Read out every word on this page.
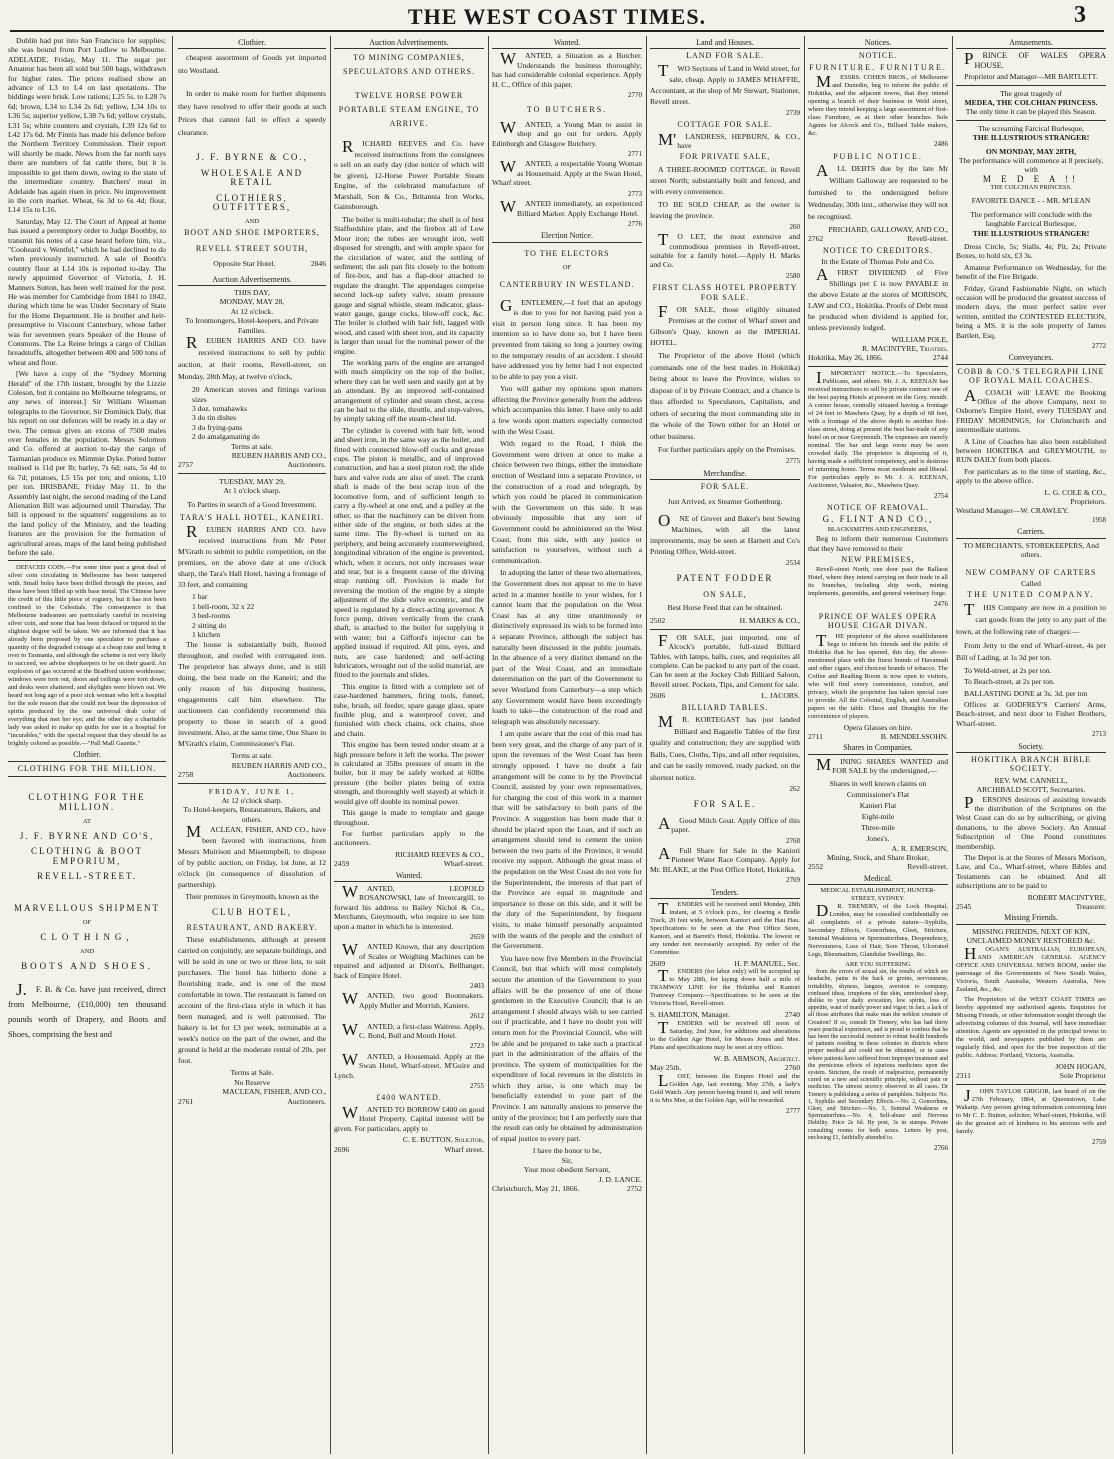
THE WEST COAST TIMES.	3

Dublin had put into San Francisco for supplies; she was bound from Port Ludlow to Melbourne. ADELAIDE, Friday, May 11. The sugar per Amateur has been all sold but 500 bags, withdrawn for higher rates. The prices realised show an advance of L3 to L4 on last quotations. The biddings were brisk. Low rations; L25 5s. to L28 7s 6d; brown, L34 to L34 2s 6d; yellow, L34 10s to L36 5s; superior yellow, L38 7s 6d; yellow crystals, L31 5s; white counters and crystals, L39 12s 6d to L42 17s 6d. Mr Finnis has made his defence before the Northern Territory Commission. Their report will shortly be made. News from the far north says there are numbers of fat cattle there, but it is impossible to get them down, owing to the state of the intermediate country. Butchers' meat in Adelaide has again risen in price. No improvement in the corn market. Wheat, 6s 3d to 6s 4d; flour, L14 15s to L16.

Saturday, May 12. The Court of Appeal at home has issued a peremptory order to Judge Boothby, to transmit his notes of a case heard before him, viz., "Cooheard v. Wentfel," which he had declined to do when previously instructed. A sale of Booth's country flour at L14 10s is reported to-day. The newly appointed Governor of Victoria, J. H. Manners Sutton, has been well trained for the post. He was member for Cambridge from 1841 to 1842, during which time he was Under Secretary of State for the Home Department. He is brother and heir-presumptive to Viscount Canterbury, whose father was for seventeen years Speaker of the House of Commons. The La Reine brings a cargo of Chilian breadstuffs, altogether between 400 and 500 tons of wheat and flour.

[We have a copy of the "Sydney Morning Herald" of the 17th instant, brought by the Lizzie Coleson, but it contains no Melbourne telegrams, or any news of interest.] Sir William Wiseman telegraphs to the Governor, Sir Dominick Daly, that his report on our defences will be ready in a day or two. The census gives an excess of 7500 males over females in the population. Messrs Solomon and Co. offered at auction to-day the cargo of Tasmanian produce ex Mimmie Dyke. Potted butter realised is 11d per lb; barley, 7s 6d; oats, 5s 4d to 6s 7d; potatoes, L5 15s per ton; and onions, L10 per ton. BRISBANE, Friday May 11. In the Assembly last night, the second reading of the Land Alienation Bill was adjourned until Thursday. The bill is opposed to the squatters' suggestions as to the land policy of the Ministry, and the leading features are the provision for the formation of agricultural areas, maps of the land being published before the sale.

DEFACED COIN.—For some time past a great deal of silver coin circulating in Melbourne has been tampered with. Small holes have been drilled through the pieces, and these have been filled up with base metal. The Chinese have the credit of this little piece of roguery, but it has not been confined to the Celestials. The consequence is that Melbourne tradesmen are particularly careful in receiving silver coin, and none that has been defaced or injured in the slightest degree will be taken. We are informed that it has already been proposed by one speculator to purchase a quantity of the degraded coinage at a cheap rate and bring it over to Tasmania, and although the scheme is not very likely to succeed, we advise shopkeepers to be on their guard. An explosion of gas occurred at the Bradford union workhouse; windows were torn out, doors and ceilings were torn down, and desks were shattered, and skylights were blown out. We heard not long ago of a poor sick woman who left a hospital for the sole reason that she could not bear the depression of spirits produced by the one universal drab color of everything that met her eye; and the other day a charitable lady was asked to make up quilts for use in a hospital for "incurables," with the special request that they should be as brightly colored as possible.—"Pall Mall Gazette."

Clothier.
CLOTHING FOR THE MILLION.
CLOTHING FOR THE MILLION.
AT
J. F. BYRNE AND CO'S,
CLOTHING & BOOT EMPORIUM,
REVELL-STREET.
MARVELLOUS SHIPMENT
OF
CLOTHING,
AND
BOOTS AND SHOES.

J.F. B. & Co. have just received, direct from Melbourne, (£10,000) ten thousand pounds worth of Drapery, and Boots and Shoes, comprising the best and

Clothier.

cheapest assortment of Goods yet imported nto Westland.

In order to make room for further shipments they have resolved to offer their goods at such Prices that cannot fail to effect a speedy clearance.

J. F. BYRNE & CO.,
WHOLESALE AND RETAIL
CLOTHIERS, OUTFITTERS,
AND
BOOT AND SHOE IMPORTERS,
REVELL STREET SOUTH,
Opposite Star Hotel.	2846
Auction Advertisements.
THIS DAY,
MONDAY, MAY 28,
At 12 o'clock.
To Ironmongers, Hotel-keepers, and Private Families.

REUBEN HARRIS AND CO. have received instructions to sell by public auction, at their rooms, Revell-street, on Monday, 28th May, at twelve o'clock,

20 American stoves and fittings various sizes
3 doz. tomahawks
3 do tin dishes
3 do frying-pans
2 do amalgamating do
Terms at sale.
REUBEN HARRIS AND CO.,
2757	Auctioneers.
TUESDAY, MAY 29,
At 1 o'clock sharp.
To Parties in search of a Good Investment.
TARA'S HALL HOTEL, KANEIRI.

REUBEN HARRIS AND CO. have received instructions from Mr Peter M'Grath to submit to public competition, on the premises, on the above date at one o'clock sharp, the Tara's Hall Hotel, having a frontage of 33 feet, and containing

1 bar
1 bell-room, 32 x 22
3 bed-rooms
2 sitting do
1 kitchen

The house is substantially built, floored throughout, and roofed with corrugated iron. The proprietor has always done, and is still doing, the best trade on the Kaneiri; and the only reason of his disposing business, engagements call him elsewhere. The auctioneers can confidently recommend this property to those in search of a good investment. Also, at the same time, One Share in M'Grath's claim, Commissioner's Flat.

Terms at sale.
REUBEN HARRIS AND CO.,
2758	Auctioneers.
FRIDAY, JUNE 1,
At 12 o'clock sharp.
To Hotel-keepers, Restaurateurs, Bakers, and others.

MACLEAN, FISHER, AND CO., have been favored with instructions, from Messrs Muirison and Misenmpbell, to dispose of by public auction, on Friday, 1st June, at 12 o'clock (in consequence of dissolution of partnership).

Their premises in Greymouth, known as the
CLUB HOTEL,
RESTAURANT, AND BAKERY.

These establishments, although at present carried on conjointly, are separate buildings, and will be sold in one or two or three lots, to suit purchasers. The hotel has hitherto done a flourishing trade, and is one of the most comfortable in town. The restaurant is famed on account of the first-class style in which it has been managed, and is well patronised. The bakery is let for £3 per week, terminable at a week's notice on the part of the owner, and the ground is held at the moderate rental of 20s. per foot.

Terms at Sale.
No Reserve
MACLEAN, FISHER, AND CO.,
2761	Auctioneers.
Auction Advertisements.
TO MINING COMPANIES, SPECULATORS AND OTHERS.
TWELVE HORSE POWER PORTABLE STEAM ENGINE, TO ARRIVE.

RICHARD REEVES and Co. have received instructions from the consignees o sell on an early day (due notice of which will be given), 12-Horse Power Portable Steam Engine, of the celebrated manufacture of Marshall, Son & Co., Britannia Iron Works, Gainsborough.

The boiler is multi-tubular; the shell is of best Staffordshire plate, and the firebox all of Low Moor iron; the tubes are wrought iron, well disposed for strength, and with ample space for the circulation of water, and the settling of sediment; the ash pan fits closely to the bottom of fire-box, and has a flap-door attached to regulate the draught. The appendages comprise second lock-up safety valve, steam pressure gauge and signal whistle, steam indicator, glass-water gauge, gauge cocks, blow-off cock, &c. The boiler is clothed with hair felt, lagged with wood, and cased with sheet iron, and its capacity is larger than usual for the nominal power of the engine.

The working parts of the engine are arranged with much simplicity on the top of the boiler, where they can be well seen and easily got at by an attendant. By an improved self-contained arrangement of cylinder and steam chest, access can be had to the slide, throttle, and stop-valves, by simply taking off the steam-chest lid.

The cylinder is covered with hair felt, wood and sheet iron, in the same way as the boiler, and fitted with connected blow-off cocks and grease cups. The piston is metallic, and of improved construction, and has a steel piston rod; the slide bars and valve rods are also of steel. The crank shaft is made of the best scrap iron of the locomotive form, and of sufficient length to carry a fly-wheel at one end, and a pulley at the other, so that the machinery can be driven from either side of the engine, or both sides at the same time. The fly-wheel is turned on its periphery, and being accurately counterweighted, longitudinal vibration of the engine is prevented, which, when it occurs, not only increases wear and tear, but is a frequent cause of the driving strap running off. Provision is made for reversing the motion of the engine by a simple adjustment of the slide valve eccentric, and the speed is regulated by a direct-acting governor. A force pump, driven vertically from the crank shaft, is attached to the boiler for supplying it with water; but a Gifford's injector can be applied instead if required. All pins, eyes, and nuts, are case hardened; and self-acting lubricators, wrought out of the solid material, are fitted to the journals and slides.

This engine is fitted with a complete set of case-hardened hammers, firing tools, funnel, tube, brush, oil feeder, spare gauge glass, spare fusible plug, and a waterproof cover, and furnished with check chains, ock chains, shoe and chain.

This engine has been tested under steam at a high pressure before it left the works. The power is calculated at 35lbs pressure of steam in the boiler, but it may be safely worked at 60lbs pressure (the boiler plates being of extra strength, and thoroughly well stayed) at which it would give off double its nominal power.

This gauge is made to template and gauge throughout.

For further particulars apply to the auctioneers.

RICHARD REEVES & CO.,
2459	Wharf-street.
Wanted.

WANTED, LEOPOLD ROSANOWSKI, late of Invercargill, to forward his address to Bailey Nichol & Co., Merchants, Greymouth, who require to see him upon a matter in which he is interested.

2659

WANTED Known, that any description of Scales or Weighing Machines can be repaired and adjusted at Dixon's, Bellhanger, back of Empire Hotel.

2403

WANTED, two good Bootmakers. Apply Muller and Morrish, Kaniere.

2612

WANTED, a first-class Waitress. Apply, C. Bond, Bull and Mouth Hotel.

2723

WANTED, a Housemaid. Apply at the Swan Hotel, Wharf-street. M'Guire and Lynch.

2755
£400 WANTED.

WANTED TO BORROW £400 on good Hotel Property. Capital interest will be given. For particulars, apply to

C. E. BUTTON, Solicitor,
2696	Wharf street.
Wanted.

WANTED, a Situation as a Butcher. Understands the business thoroughly; has had considerable colonial experience. Apply H. C., Office of this paper.

2770
TO BUTCHERS.

WANTED, a Young Man to assist in shop and go out for orders. Apply Edinburgh and Glasgow Butchery.

2771

WANTED, a respectable Young Woman as Housemaid. Apply at the Swan Hotel, Wharf street.

2773

WANTED immediately, an experienced Billiard Marker. Apply Exchange Hotel.

2776
Election Notice.
TO THE ELECTORS
OF
CANTERBURY IN WESTLAND.

GENTLEMEN,—I feel that an apology is due to you for not having paid you a visit in person long since. It has been my intention so to have done so, but I have been prevented from taking so long a journey owing to the temporary results of an accident. I should have addressed you by letter had I not expected to be able to pay you a visit.

You will gather my opinions upon matters affecting the Province generally from the address which accompanies this letter. I have only to add a few words upon matters especially connected with the West Coast.

With regard to the Road, I think the Government were driven at once to make a choice between two things, either the immediate erection of Westland into a separate Province, or the construction of a road and telegraph, by which you could be placed in communication with the Government on this side. It was obviously impossible that any sort of Government could be administered on the West Coast, from this side, with any justice or satisfaction to yourselves, without such a communication.

In adopting the latter of these two alternatives, the Government does not appear to me to have acted in a manner hostile to your wishes, for I cannot learn that the population on the West Coast has at any time unanimously or distinctively expressed its wish to be formed into a separate Province, although the subject has naturally been discussed in the public journals. In the absence of a very distinct demand on the part of the West Coast, and an immediate determination on the part of the Government to sever Westland from Canterbury—a step which any Government would have been exceedingly loath to take—the construction of the road and telegraph was absolutely necessary.

I am quite aware that the cost of this road has been very great, and the charge of any part of it upon the revenues of the West Coast has been strongly opposed. I have no doubt a fair arrangement will be come to by the Provincial Council, assisted by your own representatives, for charging the cost of this work in a manner that will be satisfactory to both parts of the Province. A suggestion has been made that it should be placed upon the Loan, and if such an arrangement should tend to cement the union between the two parts of the Province, it would receive my support. Although the great mass of the population on the West Coast do not vote for the Superintendent, the interests of that part of the Province are equal in magnitude and importance to those on this side, and it will be the duty of the Superintendent, by frequent visits, to make himself personally acquainted with the wants of the people and the conduct of the Government.

You have now five Members in the Provincial Council, but that which will most completely secure the attention of the Government to your affairs will be the presence of one of those gentlemen in the Executive Council; that is an arrangement I should always wish to see carried out if practicable, and I have no doubt you will return men for the Provincial Council, who will be able and be prepared to take such a practical part in the administration of the affairs of the province. The system of municipalities for the expenditure of local revenues in the districts in which they arise, is one which may be beneficially extended to your part of the Province. I am naturally anxious to preserve the unity of the province; but I am perfectly sure that the result can only be obtained by administration of equal justice to every part.

I have the honor to be,
Sir,
Your most obedient Servant,
J. D. LANCE.
Christchurch, May 21, 1866.	2752
Land and Houses.
LAND FOR SALE.

TWO Sections of Land in Weld street, for sale, cheap. Apply to JAMES M'HAFFIE, Accountant, at the shop of Mr Stewart, Stationer, Revell street.

2739
COTTAGE FOR SALE.

M'LANDRESS, HEPBURN, & CO., have

FOR PRIVATE SALE,

A THREE-ROOMED COTTAGE, in Revell street North; substantially built and fenced, and with every convenience.

TO BE SOLD CHEAP, as the owner is leaving the province.

260

TO LET, the most extensive and commodious premises in Revell-street, suitable for a family hotel.—Apply H. Marks and Co.

2580
FIRST CLASS HOTEL PROPERTY FOR SALE.

FOR SALE, those eligibly situated Premises at the corner of Wharf street and Gibson's Quay, known as the IMPERIAL HOTEL.

The Proprietor of the above Hotel (which commands one of the best trades in Hokitika) being about to leave the Province, wishes to dispose of it by Private Contract, and a chance is thus afforded to Speculators, Capitalists, and others of securing the most commanding site in the whole of the Town either for an Hotel or other business.

For further particulars apply on the Premises.

2775
Merchandise.
FOR SALE.
Just Arrived, ex Steamer Gothenburg.

ONE of Grover and Baker's best Sewing Machines, with all the latest improvements, may be seen at Harnett and Co's Printing Office, Weld-street.

2534
PATENT FODDER
ON SALE,
Best Horse Feed that can be obtained.
2502	H. MARKS & CO.,

FOR SALE, just imported, one of Alcock's portable, full-sized Billiard Tables, with lamps, balls, cues, and requisites all complete. Can be packed to any part of the coast. Can be seen at the Jockey Club Billiard Saloon, Revell street. Pockets, Tips, and Cement for sale.

2606	L. JACOBS.
BILLIARD TABLES.

MR. KORTEGAST has just landed Billiard and Bagatelle Tables of the first quality and construction; they are supplied with Balls, Cues, Cloths, Tips, and all other requisites, and can be easily removed, ready packed, on the shortest notice.

262
FOR SALE.

AGood Milch Goat. Apply Office of this paper.

2768

AFull Share for Sale in the Kaniori Pioneer Water Race Company. Apply for Mr. BLAKE, at the Post Office Hotel, Hokitika.

2769
Tenders.

TENDERS will be received until Monday, 28th instant, at 5 o'clock p.m., for clearing a Bridle Track, 20 feet wide, between Kaniori and the Hau Hau. Specifications to be seen at the Post Office Store, Kaniori, and at Barrett's Hotel, Hokitika. The lowest or any tender not necessarily accepted. By order of the Committee.

2609	H. P. MANUEL, Sec.

TENDERS (for labor only) will be accepted up to May 28th, for laying down half a mile of TRAMWAY LINE for the Hokitika and Kaniori Tramway Company.—Specifications to be seen at the Victoria Hotel, Revell-street.

S. HAMILTON, Manager.	2740

TENDERS will be received till noon of Saturday, 2nd June, for additions and alterations to the Golden Age Hotel, for Messrs Jones and Mee. Plans and specifications may be seen at my offices.

W. B. ARMSON, Architect.
May 25th.	2760

LOST, between the Empire Hotel and the Golden Age, last evening, May 27th, a lady's Gold Watch. Any person having found it, and will return it to Mrs Mee, at the Golden Age, will be rewarded.

2777
Notices.
NOTICE.
FURNITURE. FURNITURE.

MESSRS. COHEN BROS., of Melbourne and Dunedin, beg to inform the public of Hokitika, and the adjacent towns, that they intend opening a branch of their business in Weld street, where they intend keeping a large assortment of first-class Furniture, as at their other branches. Sole Agents for Alcock and Co., Billiard Table makers, &c.

2486
PUBLIC NOTICE.

ALL DEBTS due by the late Mr William Galloway are requested to be furnished to the undersigned before Wednesday, 30th inst., otherwise they will not be recognised.

PRICHARD, GALLOWAY, AND CO.,
2762	Revell-street.
NOTICE TO CREDITORS.
In the Estate of Thomas Pole and Co.

AFIRST DIVIDEND of Five Shillings per £ is now PAYABLE in the above Estate at the stores of MORISON, LAW and CO., Hokitika. Proofs of Debt must be produced when dividend is applied for, unless previously lodged.

WILLIAM POLE,
R. MACINTYRE, Trustees.
Hokitika, May 26, 1866.	2744

IMPORTANT NOTICE.—To Speculators, Publicans, and others. Mr. J. A. KEENAN has received instructions to sell by private contract one of the best paying Hotels at present on the Grey. mouth. A corner house, centrally situated having a frontage of 24 feet to Mawhera Quay, by a depth of 68 feet, with a frontage of the above depth to another first-class street, doing at present the best bar-trade of any hotel on or near Greymouth. The expenses are merely nominal. The bar and large room may be seen crowded daily. The proprietor is disposing of it, having made a sufficient competency, and is desirous of returning home. Terms most moderate and liberal. For particulars apply to Mr. J. A. KEENAN, Auctioneer, Valuator, &c., Mawhera Quay.

2754
NOTICE OF REMOVAL.
G. FLINT AND CO.,
BLACKSMITHS AND ENGINEERS,

Beg to inform their numerous Customers that they have removed to their

NEW PREMISES,

Revell-street North, one door past the Ballarat Hotel, where they intend carrying on their trade in all its branches, including ship work, mining implements, gunsmiths, and general veterinary forge.

2476
PRINCE OF WALES OPERA HOUSE CIGAR DIVAN.

THE proprietor of the above establishment begs to inform his friends and the public of Hokitika that he has opened, this day, the above-mentioned place with the finest brands of Havannah and other cigars, and choicest brands of tobacco. The Coffee and Reading Room is now open to visitors, who will find every convenience, comfort, and privacy, which the proprietor has taken special care to provide. All the Colonial, English, and Australian papers on the table. Chess and Draughts for the convenience of players.

Opera Glasses on hire.
2711	B. MENDELSSOHN.
Shares in Companies.

MINING SHARES WANTED and FOR SALE by the undersigned,—

Shares in well known claims on
Commissioner's Flat
Kanieri Flat
Eight-mile
Three-mile
Jones's.
A. R. EMERSON,
Mining, Stock, and Share Broker,
2552	Revell-street.
Medical.
MEDICAL ESTABLISHMENT, HUNTER-STREET, SYDNEY.

DR. TRENERY, of the Lock Hospital, London, may be consulted confidentially on all complaints of a private nature—Syphilis, Secondary Effects, Gonorrhœa, Gleet, Stricture, Seminal Weakness or Spermatorrhœa, Despondency, Nervousness, Loss of Hair, Sore Throat, Ulcerated Legs, Rheumatism, Glandular Swellings, &c.

ARE YOU SUFFERING

from the errors of sexual sin, the results of which are headache, pains in the back or groins, nervousness, irritability, shyness, languor, aversion to company, confused ideas, irruptions of the skin, unrefreshed sleep, dislike to your daily avocation, low spirits, loss of appetite, want of manly power and vigor; in fact, a lack of all those attributes that make man the noblest creature of Creation? If so, consult Dr Trenery, who has had thirty years practical experience, and is proud to confess that he has been the successful restorer to robust health hundreds of patients residing in these colonies in districts where proper medical aid could not be obtained, or in cases where patients have suffered from improper treatment and the pernicious effects of injurious medicines upon the system. Stricture, the result of malpractice, permanently cured on a new and scientific principle, without pain or medicine. The utmost secrecy observed in all cases. Dr Trenery is publishing a series of pamphlets. Subjects: No. 1, Syphilis and Secondary Effects.—No. 2, Gonorrhœa, Gleet, and Stricture.—No. 3, Seminal Weakness or Spermatorrhœa.—No. 4, Self-abuse and Nervous Debility. Price 2s 6d. By post, 3s in stamps. Private consulting rooms for both sexes. Letters by post, enclosing £1, faithfully attended to.

2766
Amusements.

PRINCE OF WALES OPERA HOUSE.

Proprietor and Manager—MR BARTLETT.
The great tragedy of
MEDEA, THE COLCHIAN PRINCESS.
The only time it can be played this Season.
The screaming Farcical Burlesque,
THE ILLUSTRIOUS STRANGER!
ON MONDAY, MAY 28TH,
The performance will commence at 8 precisely, with
M E D E A !!
THE COLCHIAN PRINCESS.
FAVORITE DANCE - - MR. M'LEAN
The performance will conclude with the laughable Farcical Burlesque,
THE ILLUSTRIOUS STRANGER!

Dress Circle, 5s; Stalls, 4s; Pit, 2s; Private Boxes, to hold six, £3 3s.

Amateur Performance on Wednesday, for the benefit of the Fire Brigade.

Friday, Grand Fashionable Night, on which occasion will be produced the greatest success of modern days, the most perfect satire ever written, entitled the CONTESTED ELECTION, being a MS. it is the sole property of James Bartlett, Esq.

2772
Conveyances.
COBB & CO.'S TELEGRAPH LINE OF ROYAL MAIL COACHES.

ACOACH will LEAVE the Booking Office of the above Company, next to Osborne's Empire Hotel, every TUESDAY and FRIDAY MORNINGS, for Christchurch and intermediate stations.

A Line of Coaches has also been established between HOKITIKA and GREYMOUTH, to RUN DAILY from both places.

For particulars as to the time of starting, &c., apply to the above office.

L. G. COLE & CO.,
Proprietors.
Westland Manager—W. CRAWLEY.
1958
Carriers.
TO MERCHANTS, STOREKEEPERS, And others.
NEW COMPANY OF CARTERS
Called
THE UNITED COMPANY.

THIS Company are now in a position to cart goods from the jetty to any part of the town, at the following rate of charges:—

From Jetty to the end of Wharf-street, 4s per Bill of Lading, at 1s 3d per ton.

To Weld-street, at 2s per ton.

To Beach-street, at 2s per ton.

BALLASTING DONE at 3s. 3d. per ton

Offices at GODFREY'S Carriers' Arms, Beach-street, and next door to Fisher Brothers, Wharf-street.

2713
Society.
HOKITIKA BRANCH BIBLE SOCIETY.
REV. WM. CANNELL,
ARCHIBALD SCOTT, Secretaries.

PERSONS desirous of assisting towards the distribution of the Scriptures on the West Coast can do so by subscribing, or giving donations, to the above Society. An Annual Subscription of One Pound constitutes membership.

The Depot is at the Stores of Messrs Morison, Law, and Co., Wharf-street, where Bibles and Testaments can be obtained. And all subscriptions are to be paid to

ROBERT MACINTYRE,
2545	Treasurer.
Missing Friends.
MISSING FRIENDS, NEXT OF KIN, UNCLAIMED MONEY RESTORED &c.

HOGAN'S AUSTRALIAN, EUROPEAN, AND AMERICAN GENERAL AGENCY OFFICE AND UNIVERSAL NEWS ROOM, under the patronage of the Governments of New South Wales, Victoria, South Australia, Western Australia, New Zealand, &c., &c.

The Proprietors of the WEST COAST TIMES are hereby appointed my authorised agents. Enquiries for Missing Friends, or other information sought through the advertising columns of this Journal, will have immediate attention. Agents are appointed in the principal towns in the world, and newspapers published by them are regularly filed, and open for the free inspection of the public. Address: Portland, Victoria, Australia.

JOHN HOGAN,
2311	Sole Proprietor

JOHN TAYLOR GRIGOR, last heard of on the 27th February, 1864, at Queenstown, Lake Wakatip. Any person giving information concerning him to Mr C. E. Button, solicitor, Wharf-street, Hokitika, will do the greatest act of kindness to his anxious wife and family.

2759
